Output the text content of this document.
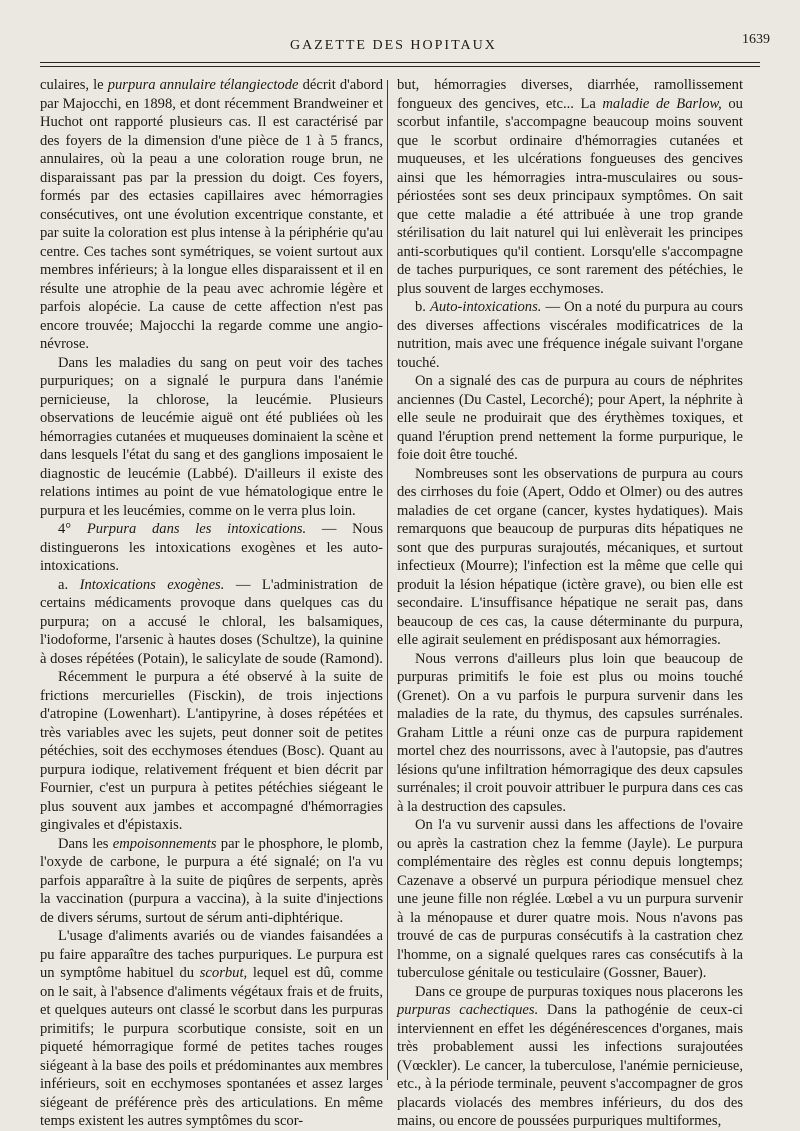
GAZETTE DES HOPITAUX	1639

culaires, le purpura annulaire télangiectode décrit d'abord par Majocchi, en 1898, et dont récemment Brandweiner et Huchot ont rapporté plusieurs cas. Il est caractérisé par des foyers de la dimension d'une pièce de 1 à 5 francs, annulaires, où la peau a une coloration rouge brun, ne disparaissant pas par la pression du doigt. Ces foyers, formés par des ectasies capillaires avec hémorragies consécutives, ont une évolution excentrique constante, et par suite la coloration est plus intense à la périphérie qu'au centre. Ces taches sont symétriques, se voient surtout aux membres inférieurs; à la longue elles disparaissent et il en résulte une atrophie de la peau avec achromie légère et parfois alopécie. La cause de cette affection n'est pas encore trouvée; Majocchi la regarde comme une angio-névrose.

Dans les maladies du sang on peut voir des taches purpuriques; on a signalé le purpura dans l'anémie pernicieuse, la chlorose, la leucémie. Plusieurs observations de leucémie aiguë ont été publiées où les hémorragies cutanées et muqueuses dominaient la scène et dans lesquels l'état du sang et des ganglions imposaient le diagnostic de leucémie (Labbé). D'ailleurs il existe des relations intimes au point de vue hématologique entre le purpura et les leucémies, comme on le verra plus loin.

4° Purpura dans les intoxications. — Nous distinguerons les intoxications exogènes et les auto-intoxications.

a. Intoxications exogènes. — L'administration de certains médicaments provoque dans quelques cas du purpura; on a accusé le chloral, les balsamiques, l'iodoforme, l'arsenic à hautes doses (Schultze), la quinine à doses répétées (Potain), le salicylate de soude (Ramond).

Récemment le purpura a été observé à la suite de frictions mercurielles (Fisckin), de trois injections d'atropine (Lowenhart). L'antipyrine, à doses répétées et très variables avec les sujets, peut donner soit de petites pétéchies, soit des ecchymoses étendues (Bosc). Quant au purpura iodique, relativement fréquent et bien décrit par Fournier, c'est un purpura à petites pétéchies siégeant le plus souvent aux jambes et accompagné d'hémorragies gingivales et d'épistaxis.

Dans les empoisonnements par le phosphore, le plomb, l'oxyde de carbone, le purpura a été signalé; on l'a vu parfois apparaître à la suite de piqûres de serpents, après la vaccination (purpura a vaccina), à la suite d'injections de divers sérums, surtout de sérum anti-diphtérique.

L'usage d'aliments avariés ou de viandes faisandées a pu faire apparaître des taches purpuriques. Le purpura est un symptôme habituel du scorbut, lequel est dû, comme on le sait, à l'absence d'aliments végétaux frais et de fruits, et quelques auteurs ont classé le scorbut dans les purpuras primitifs; le purpura scorbutique consiste, soit en un piqueté hémorragique formé de petites taches rouges siégeant à la base des poils et prédominantes aux membres inférieurs, soit en ecchymoses spontanées et assez larges siégeant de préférence près des articulations. En même temps existent les autres symptômes du scor-

but, hémorragies diverses, diarrhée, ramollissement fongueux des gencives, etc... La maladie de Barlow, ou scorbut infantile, s'accompagne beaucoup moins souvent que le scorbut ordinaire d'hémorragies cutanées et muqueuses, et les ulcérations fongueuses des gencives ainsi que les hémorragies intra-musculaires ou sous-périostées sont ses deux principaux symptômes. On sait que cette maladie a été attribuée à une trop grande stérilisation du lait naturel qui lui enlèverait les principes anti-scorbutiques qu'il contient. Lorsqu'elle s'accompagne de taches purpuriques, ce sont rarement des pétéchies, le plus souvent de larges ecchymoses.

b. Auto-intoxications. — On a noté du purpura au cours des diverses affections viscérales modificatrices de la nutrition, mais avec une fréquence inégale suivant l'organe touché.

On a signalé des cas de purpura au cours de néphrites anciennes (Du Castel, Lecorché); pour Apert, la néphrite à elle seule ne produirait que des érythèmes toxiques, et quand l'éruption prend nettement la forme purpurique, le foie doit être touché.

Nombreuses sont les observations de purpura au cours des cirrhoses du foie (Apert, Oddo et Olmer) ou des autres maladies de cet organe (cancer, kystes hydatiques). Mais remarquons que beaucoup de purpuras dits hépatiques ne sont que des purpuras surajoutés, mécaniques, et surtout infectieux (Mourre); l'infection est la même que celle qui produit la lésion hépatique (ictère grave), ou bien elle est secondaire. L'insuffisance hépatique ne serait pas, dans beaucoup de ces cas, la cause déterminante du purpura, elle agirait seulement en prédisposant aux hémorragies.

Nous verrons d'ailleurs plus loin que beaucoup de purpuras primitifs le foie est plus ou moins touché (Grenet). On a vu parfois le purpura survenir dans les maladies de la rate, du thymus, des capsules surrénales. Graham Little a réuni onze cas de purpura rapidement mortel chez des nourrissons, avec à l'autopsie, pas d'autres lésions qu'une infiltration hémorragique des deux capsules surrénales; il croit pouvoir attribuer le purpura dans ces cas à la destruction des capsules.

On l'a vu survenir aussi dans les affections de l'ovaire ou après la castration chez la femme (Jayle). Le purpura complémentaire des règles est connu depuis longtemps; Cazenave a observé un purpura périodique mensuel chez une jeune fille non réglée. Lœbel a vu un purpura survenir à la ménopause et durer quatre mois. Nous n'avons pas trouvé de cas de purpuras consécutifs à la castration chez l'homme, on a signalé quelques rares cas consécutifs à la tuberculose génitale ou testiculaire (Gossner, Bauer).

Dans ce groupe de purpuras toxiques nous placerons les purpuras cachectiques. Dans la pathogénie de ceux-ci interviennent en effet les dégénérescences d'organes, mais très probablement aussi les infections surajoutées (Vœckler). Le cancer, la tuberculose, l'anémie pernicieuse, etc., à la période terminale, peuvent s'accompagner de gros placards violacés des membres inférieurs, du dos des mains, ou encore de poussées purpuriques multiformes,
